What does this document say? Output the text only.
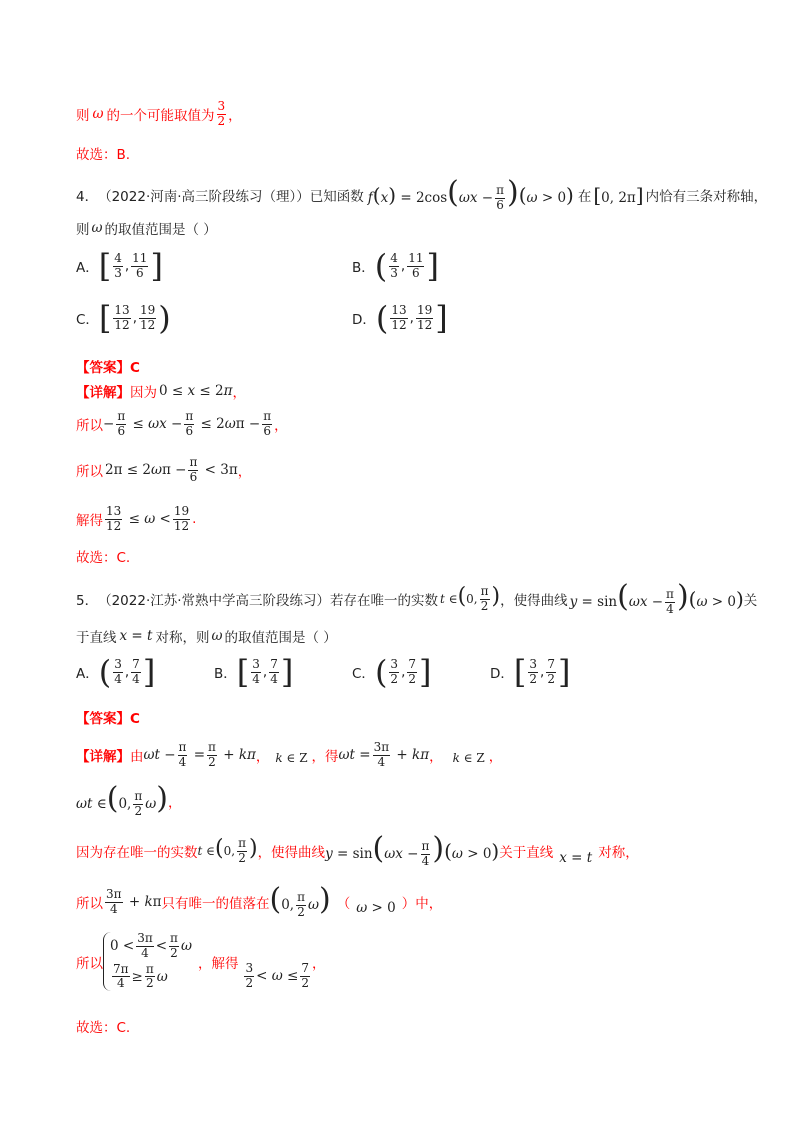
则 ω 的一个可能取值为 $\frac{3}{2}$ ，
故选：B.
4． （2022·河南·高三阶段练习（理））已知函数 $f(x) = 2\cos(\omega x - \frac{\pi}{6} )(\omega > 0)$ 在 [0, 2π] 内恰有三条对称轴，
则 ω 的取值范围是（ ）
A． [ $\frac{4}{3}$ , $\frac{11}{6}$ ]	B． ( $\frac{4}{3}$ , $\frac{11}{6}$ ]
C． [ $\frac{13}{12}$ , $\frac{19}{12}$ )	D． ( $\frac{13}{12}$ , $\frac{19}{12}$ ]
【答案】C
【详解】 因为 0 ≤ x ≤ 2π ，
所以 − $\frac{\pi}{6} \le \omega x - \frac{\pi}{6} \le 2\omega\pi - \frac{\pi}{6}$ ，
所以 $2\pi \le 2\omega\pi - \frac{\pi}{6} < 3\pi$ ，
解得 $\frac{13}{12} \le \omega < \frac{19}{12}$ .
故选：C.
5． （2022·江苏·常熟中学高三阶段练习）若存在唯一的实数 t ∈(0, $\frac{\pi}{2}$ ) ，使得曲线 $y = \sin(\omega x - \frac{\pi}{4} )(\omega > 0)$ 关
于直线 x = t 对称，则 ω 的取值范围是（ ）
A． ( $\frac{3}{4}$ , $\frac{7}{4}$ ]	B． [ $\frac{3}{4}$ , $\frac{7}{4}$ ]	C． ( $\frac{3}{2}$ , $\frac{7}{2}$ ]	D． [ $\frac{3}{2}$ , $\frac{7}{2}$ ]
【答案】C
【详解】 由 $\omega t - \frac{\pi}{4} = \frac{\pi}{2} + k\pi$ ， k ∈ Z ，得 $\omega t = \frac{3\pi}{4} + k\pi$ ， k ∈ Z ，
ωt ∈(0, $\frac{\pi}{2} \omega$) ，
因为存在唯一的实数 t ∈(0, $\frac{\pi}{2}$ ) ，使得曲线 $y = \sin(\omega x - \frac{\pi}{4} )(\omega > 0)$ 关于直线 x = t 对称，
所以 $\frac{3\pi}{4} + k\pi$ 只有唯一的值落在 (0, $\frac{\pi}{2} \omega$) （ ω > 0 ）中，
所以
$0 < \frac{3\pi}{4} < \frac{\pi}{2}$ ω
$\frac{7\pi}{4} \ge \frac{\pi}{2}$ ω
，解得 $\frac{3}{2} < \omega \le \frac{7}{2}$ ，
故选：C.
